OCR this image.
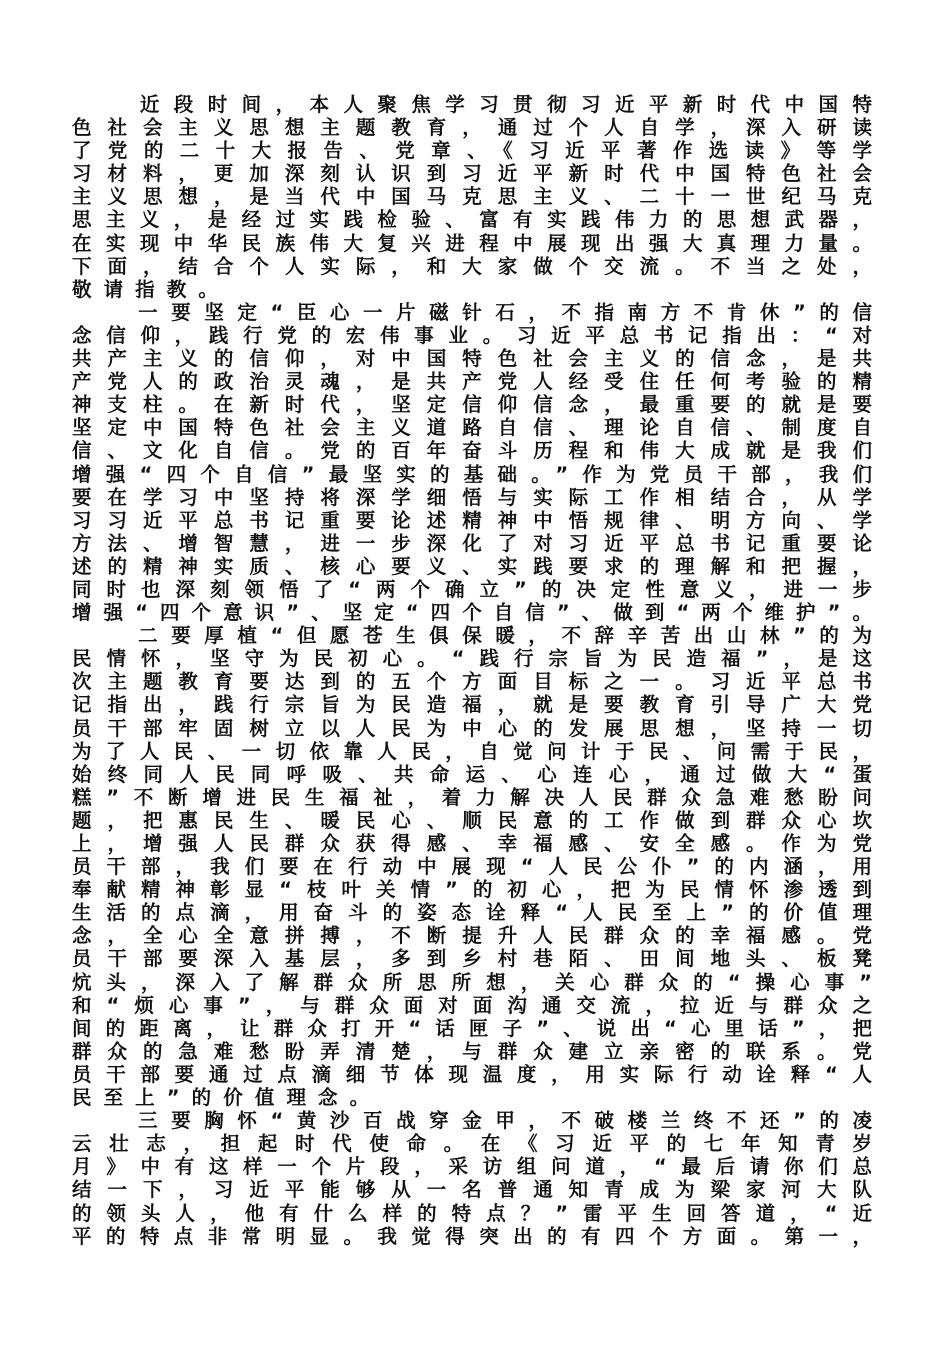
　　近段时间，本人聚焦学习贯彻习近平新时代中国特
色社会主义思想主题教育，通过个人自学，深入研读
了党的二十大报告、党章、《习近平著作选读》等学
习材料，更加深刻认识到习近平新时代中国特色社会
主义思想，是当代中国马克思主义、二十一世纪马克
思主义，是经过实践检验、富有实践伟力的思想武器，
在实现中华民族伟大复兴进程中展现出强大真理力量。
下面，结合个人实际，和大家做个交流。不当之处，
敬请指教。
　　一要坚定“臣心一片磁针石，不指南方不肯休”的信
念信仰，践行党的宏伟事业。习近平总书记指出：“对
共产主义的信仰，对中国特色社会主义的信念，是共
产党人的政治灵魂，是共产党人经受住任何考验的精
神支柱。在新时代，坚定信仰信念，最重要的就是要
坚定中国特色社会主义道路自信、理论自信、制度自
信、文化自信。党的百年奋斗历程和伟大成就是我们
增强“四个自信”最坚实的基础。”作为党员干部，我们
要在学习中坚持将深学细悟与实际工作相结合，从学
习习近平总书记重要论述精神中悟规律、明方向、学
方法、增智慧，进一步深化了对习近平总书记重要论
述的精神实质、核心要义、实践要求的理解和把握，
同时也深刻领悟了“两个确立”的决定性意义，进一步
增强“四个意识”、坚定“四个自信”、做到“两个维护”。
　　二要厚植“但愿苍生俱保暖，不辞辛苦出山林”的为
民情怀，坚守为民初心。“践行宗旨为民造福”，是这
次主题教育要达到的五个方面目标之一。习近平总书
记指出，践行宗旨为民造福，就是要教育引导广大党
员干部牢固树立以人民为中心的发展思想，坚持一切
为了人民、一切依靠人民，自觉问计于民、问需于民，
始终同人民同呼吸、共命运、心连心，通过做大“蛋
糕”不断增进民生福祉，着力解决人民群众急难愁盼问
题，把惠民生、暖民心、顺民意的工作做到群众心坎
上，增强人民群众获得感、幸福感、安全感。作为党
员干部，我们要在行动中展现“人民公仆”的内涵，用
奉献精神彰显“枝叶关情”的初心，把为民情怀渗透到
生活的点滴，用奋斗的姿态诠释“人民至上”的价值理
念，全心全意拼搏，不断提升人民群众的幸福感。党
员干部要深入基层，多到乡村巷陌、田间地头、板凳
炕头，深入了解群众所思所想，关心群众的“操心事”
和“烦心事”，与群众面对面沟通交流，拉近与群众之
间的距离，让群众打开“话匣子”、说出“心里话”，把
群众的急难愁盼弄清楚，与群众建立亲密的联系。党
员干部要通过点滴细节体现温度，用实际行动诠释“人
民至上”的价值理念。
　　三要胸怀“黄沙百战穿金甲，不破楼兰终不还”的凌
云壮志，担起时代使命。在《习近平的七年知青岁
月》中有这样一个片段，采访组问道，“最后请你们总
结一下，习近平能够从一名普通知青成为梁家河大队
的领头人，他有什么样的特点？”雷平生回答道，“近
平的特点非常明显。我觉得突出的有四个方面。第一，
